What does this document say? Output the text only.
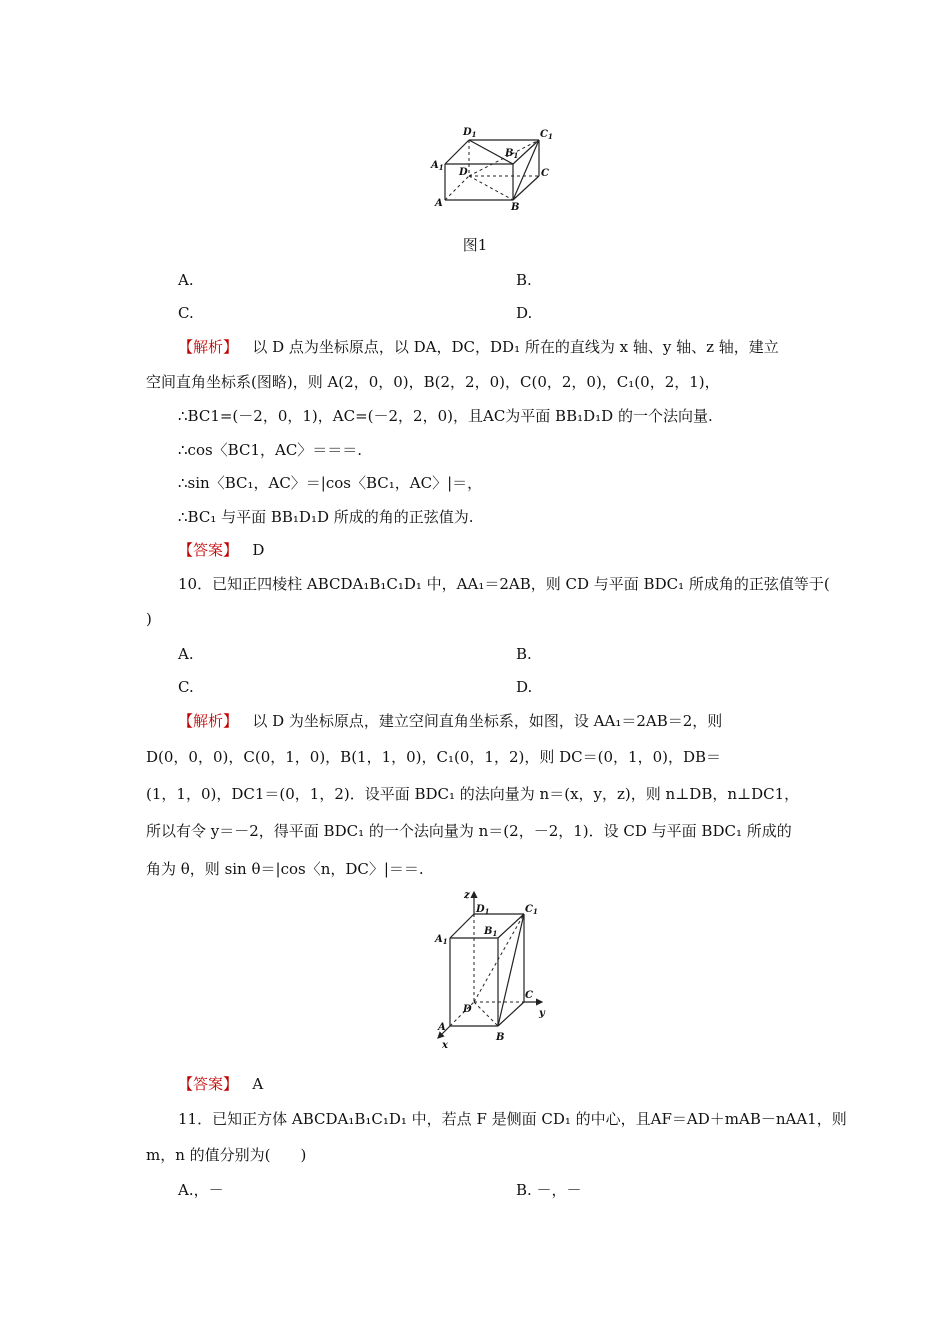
$D_1$	$C_1$
$A_1$
$B_1$
D	C
A	B
图1
A.	B.
C.	D.
【解析】 以 D 点为坐标原点，以 DA，DC，DD₁ 所在的直线为 x 轴、y 轴、z 轴，建立
空间直角坐标系(图略)，则 A(2，0，0)，B(2，2，0)，C(0，2，0)，C₁(0，2，1)，
∴BC1=(－2，0，1)，AC=(－2，2，0)，且AC为平面 BB₁D₁D 的一个法向量.
∴cos〈BC1，AC〉＝＝＝.
∴sin〈BC₁，AC〉＝|cos〈BC₁，AC〉|＝，
∴BC₁ 与平面 BB₁D₁D 所成的角的正弦值为.
【答案】 D
10．已知正四棱柱 ABCDA₁B₁C₁D₁ 中，AA₁＝2AB，则 CD 与平面 BDC₁ 所成角的正弦值等于(
)
A.	B.
C.	D.
【解析】 以 D 为坐标原点，建立空间直角坐标系，如图，设 AA₁＝2AB＝2，则
D(0，0，0)，C(0，1，0)，B(1，1，0)，C₁(0，1，2)，则 DC＝(0，1，0)，DB＝
(1，1，0)，DC1＝(0，1，2)．设平面 BDC₁ 的法向量为 n＝(x，y，z)，则 n⊥DB，n⊥DC1，
所以有令 y＝－2，得平面 BDC₁ 的一个法向量为 n＝(2，－2，1)．设 CD 与平面 BDC₁ 所成的
角为 θ，则 sin θ＝|cos〈n，DC〉|＝＝.
z
$D_1$	$C_1$
$A_1$
$B_1$
D
C
y
A
B
x
【答案】 A
11．已知正方体 ABCDA₁B₁C₁D₁ 中，若点 F 是侧面 CD₁ 的中心，且AF＝AD＋mAB－nAA1，则
m，n 的值分别为(　　)
A.，－	B. －，－
